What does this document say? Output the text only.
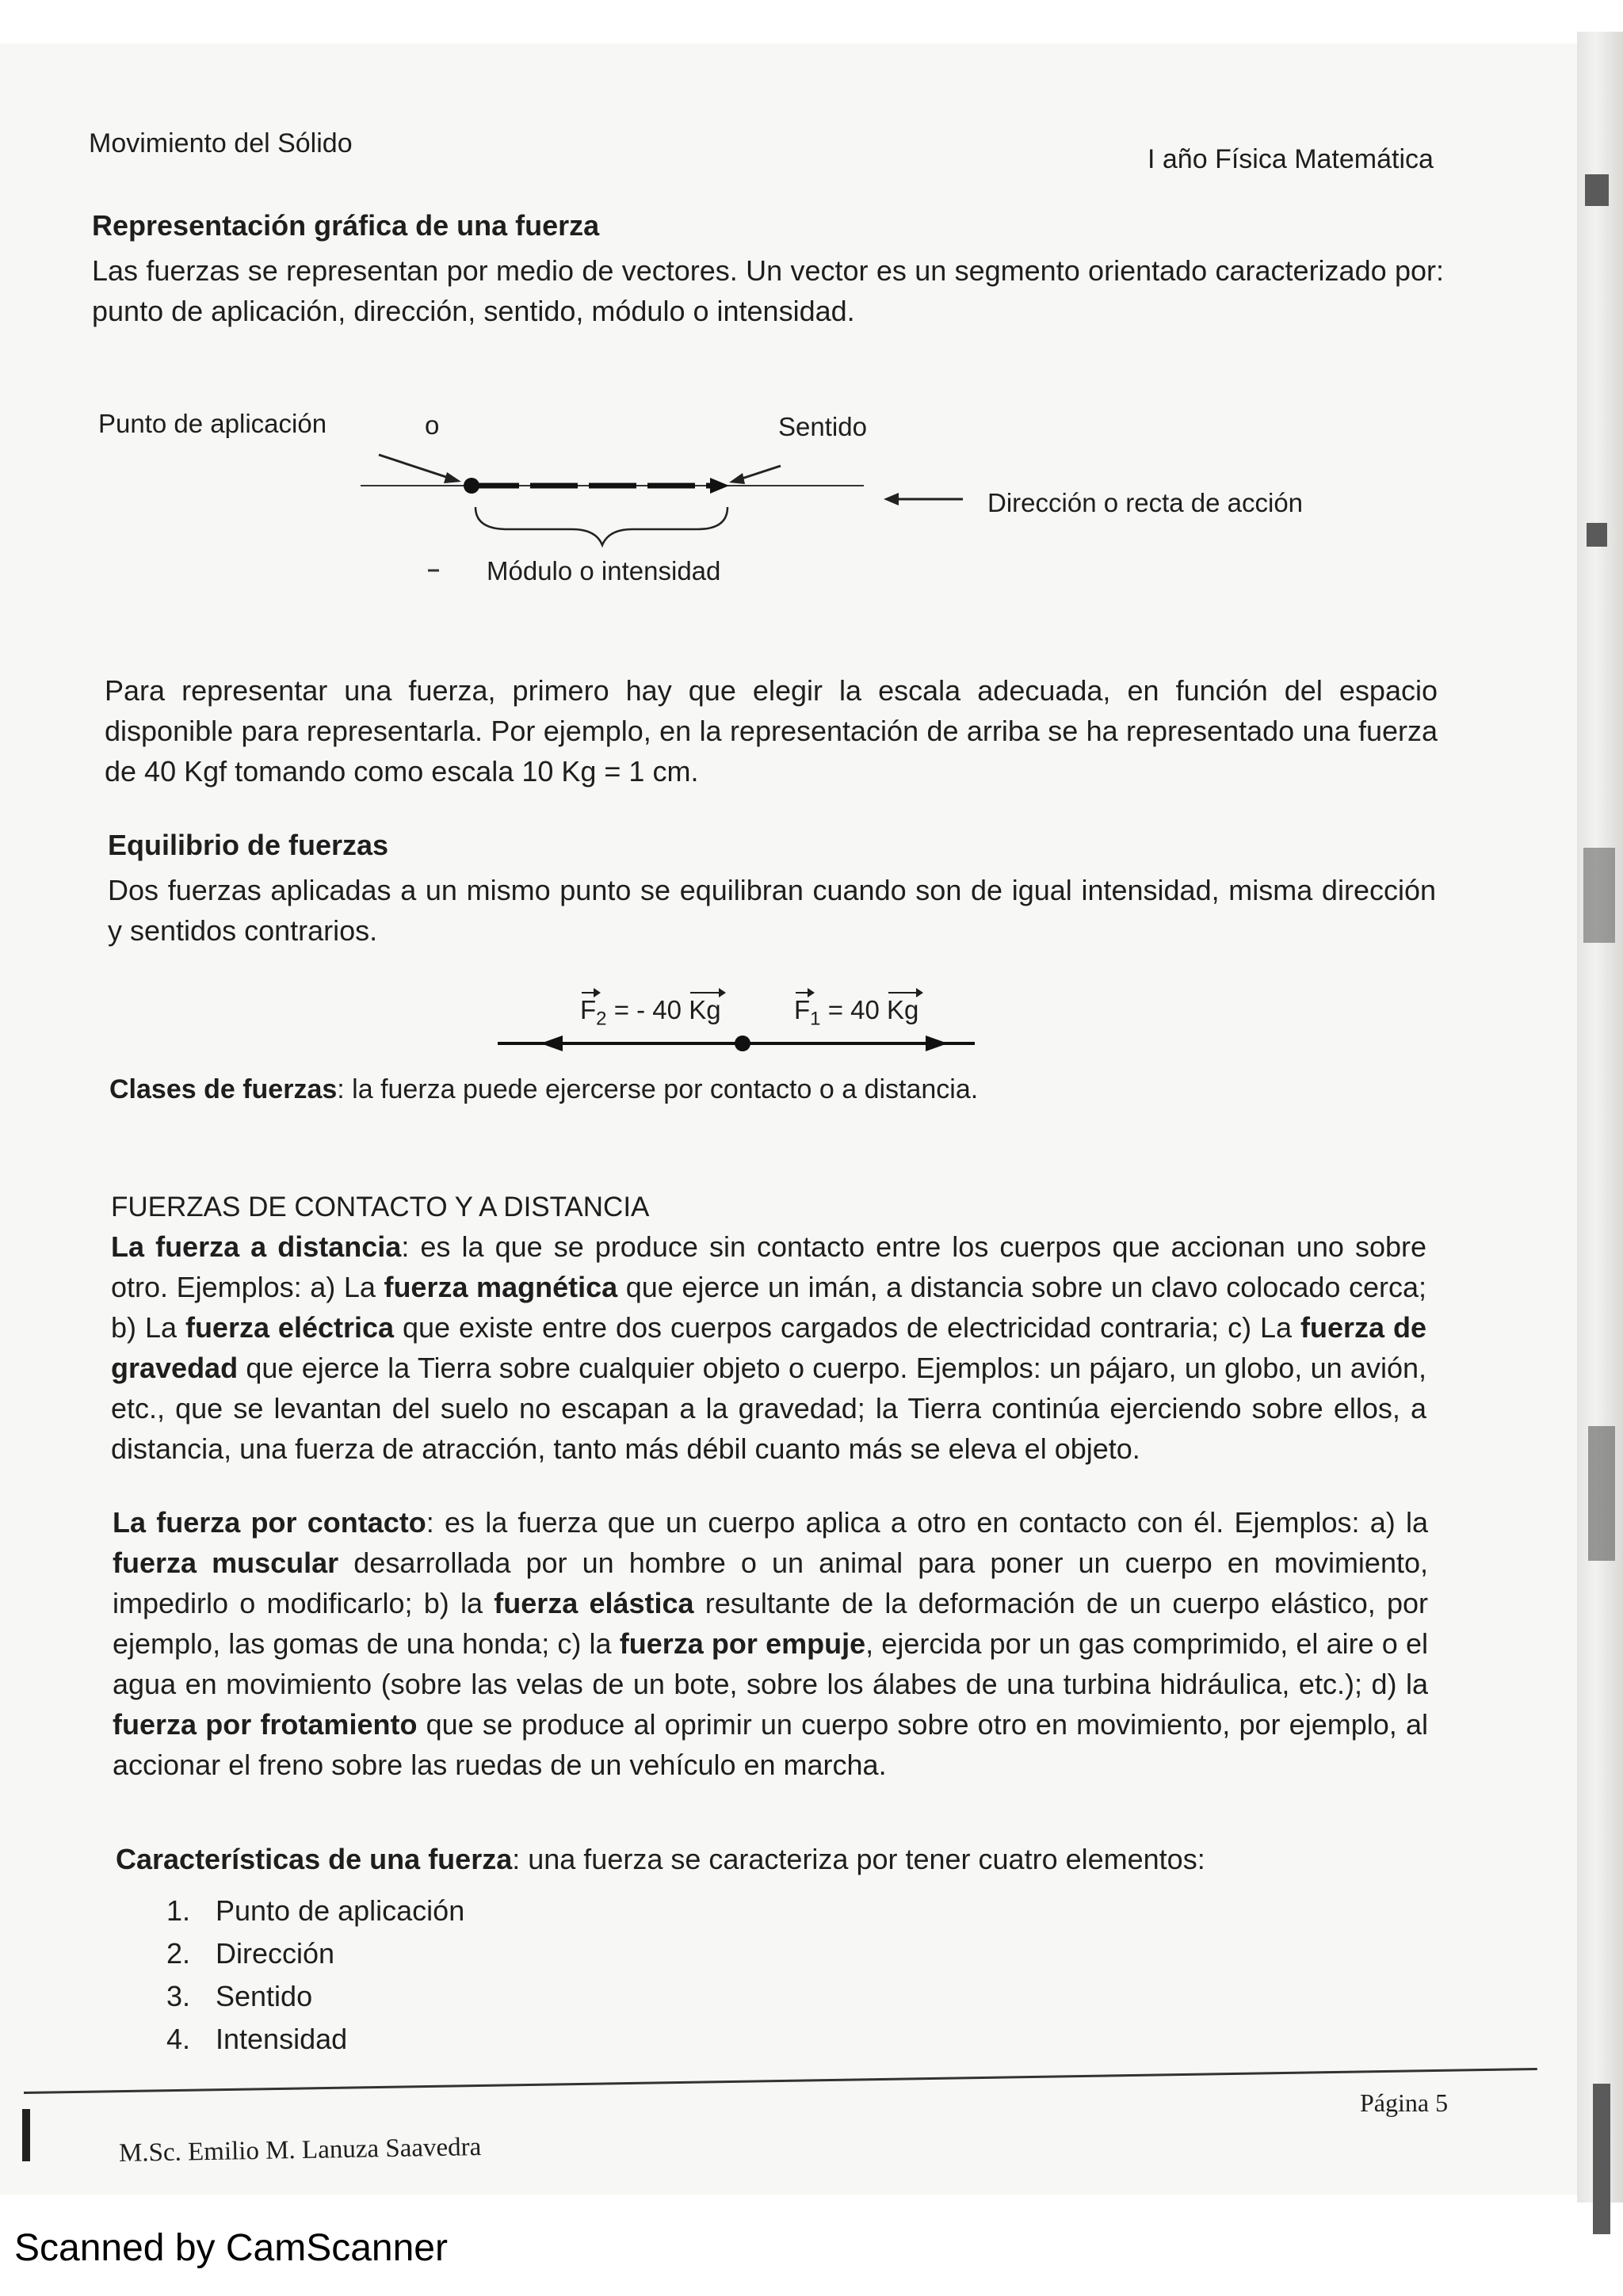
Movimiento del Sólido
I año Física Matemática
Representación gráfica de una fuerza
Las fuerzas se representan por medio de vectores. Un vector es un segmento orientado caracterizado por: punto de aplicación, dirección, sentido, módulo o intensidad.
Punto de aplicación	o	Sentido
Dirección o recta de acción
Módulo o intensidad
Para representar una fuerza, primero hay que elegir la escala adecuada, en función del espacio disponible para representarla. Por ejemplo, en la representación de arriba se ha representado una fuerza de 40 Kgf tomando como escala 10 Kg = 1 cm.
Equilibrio de fuerzas
Dos fuerzas aplicadas a un mismo punto se equilibran cuando son de igual intensidad, misma dirección y sentidos contrarios.
$F_2$ = - 40 Kg	$F_1 = 40$ Kg
Clases de fuerzas: la fuerza puede ejercerse por contacto o a distancia.
FUERZAS DE CONTACTO Y A DISTANCIA
La fuerza a distancia: es la que se produce sin contacto entre los cuerpos que accionan uno sobre otro. Ejemplos: a) La fuerza magnética que ejerce un imán, a distancia sobre un clavo colocado cerca; b) La fuerza eléctrica que existe entre dos cuerpos cargados de electricidad contraria; c) La fuerza de gravedad que ejerce la Tierra sobre cualquier objeto o cuerpo. Ejemplos: un pájaro, un globo, un avión, etc., que se levantan del suelo no escapan a la gravedad; la Tierra continúa ejerciendo sobre ellos, a distancia, una fuerza de atracción, tanto más débil cuanto más se eleva el objeto.
La fuerza por contacto: es la fuerza que un cuerpo aplica a otro en contacto con él. Ejemplos: a) la fuerza muscular desarrollada por un hombre o un animal para poner un cuerpo en movimiento, impedirlo o modificarlo; b) la fuerza elástica resultante de la deformación de un cuerpo elástico, por ejemplo, las gomas de una honda; c) la fuerza por empuje, ejercida por un gas comprimido, el aire o el agua en movimiento (sobre las velas de un bote, sobre los álabes de una turbina hidráulica, etc.); d) la fuerza por frotamiento que se produce al oprimir un cuerpo sobre otro en movimiento, por ejemplo, al accionar el freno sobre las ruedas de un vehículo en marcha.
Características de una fuerza: una fuerza se caracteriza por tener cuatro elementos:
1. Punto de aplicación
2. Dirección
3. Sentido
4. Intensidad
Página 5
M.Sc. Emilio M. Lanuza Saavedra
Scanned by CamScanner
